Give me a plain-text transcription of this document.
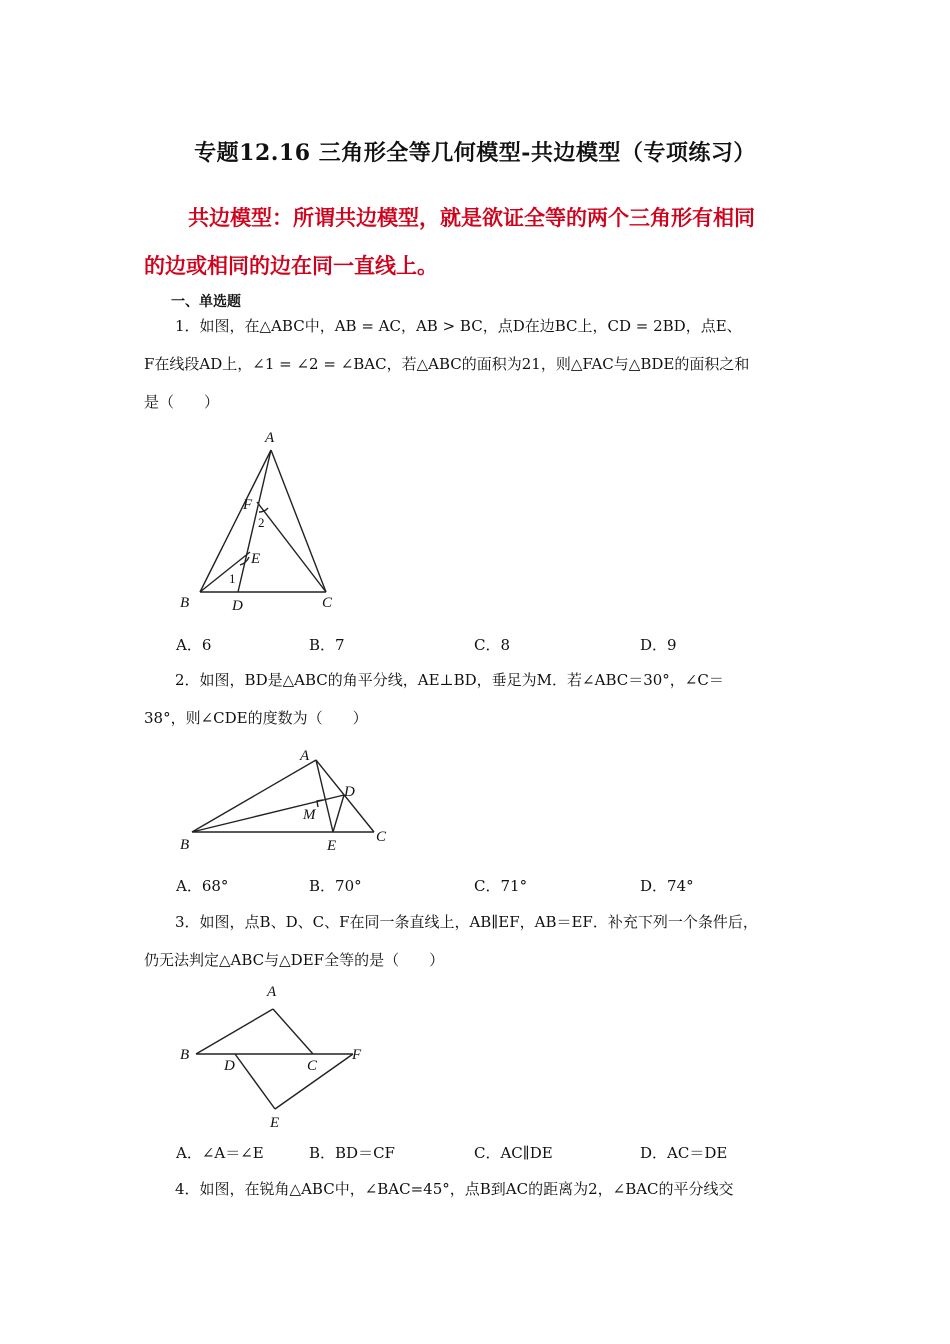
专题12.16 三角形全等几何模型-共边模型（专项练习）
共边模型：所谓共边模型，就是欲证全等的两个三角形有相同
的边或相同的边在同一直线上。
一、单选题
1．如图，在△ABC中，AB = AC，AB > BC，点D在边BC上，CD = 2BD，点E、
F在线段AD上，∠1 = ∠2 = ∠BAC，若△ABC的面积为21，则△FAC与△BDE的面积之和
是（　　）
A
B	C
D
E
F
1
2
A．6	B．7	C．8	D．9
2．如图，BD是△ABC的角平分线，AE⊥BD，垂足为M．若∠ABC＝30°，∠C＝
38°，则∠CDE的度数为（　　）
A
B	C
D
E
M
A．68°	B．70°	C．71°	D．74°
3．如图，点B、D、C、F在同一条直线上，AB∥EF，AB＝EF．补充下列一个条件后，
仍无法判定△ABC与△DEF全等的是（　　）
A
B
C
D
E
F
A．∠A＝∠E	B．BD＝CF	C．AC∥DE	D．AC＝DE
4．如图，在锐角△ABC中，∠BAC=45°，点B到AC的距离为2，∠BAC的平分线交
